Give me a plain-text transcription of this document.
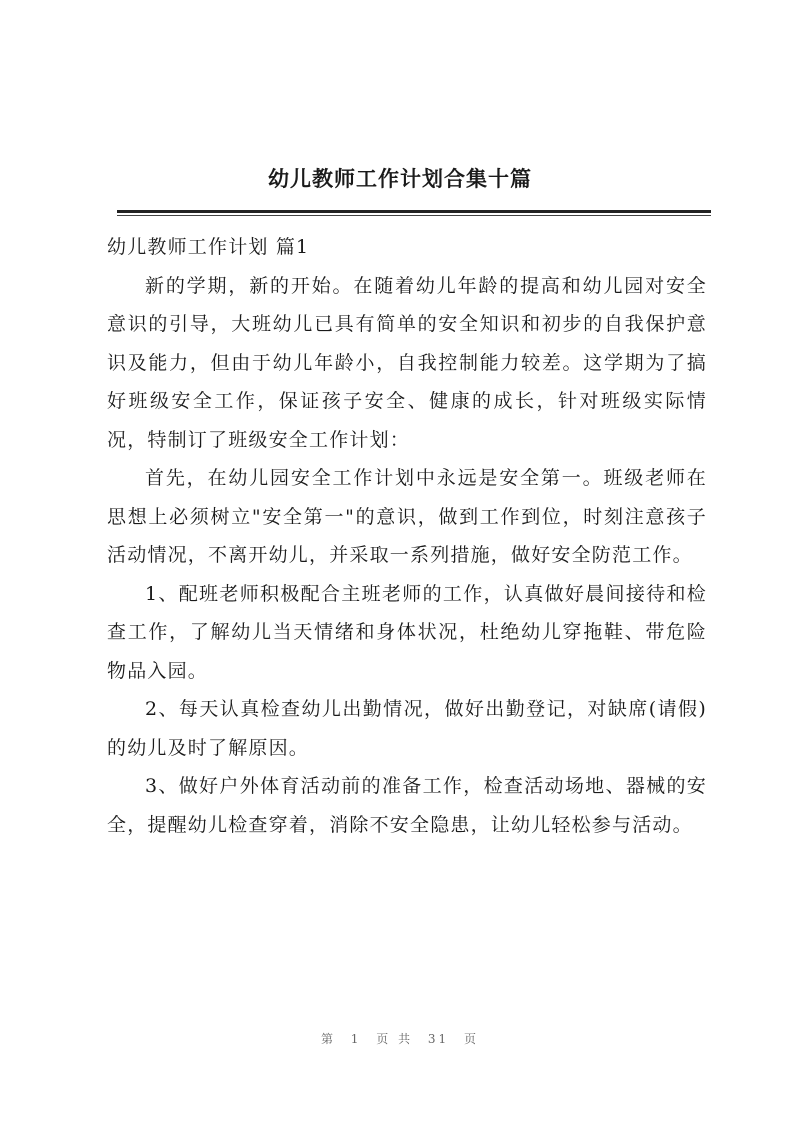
幼儿教师工作计划合集十篇

幼儿教师工作计划 篇1

新的学期，新的开始。在随着幼儿年龄的提高和幼儿园对安全意识的引导，大班幼儿已具有简单的安全知识和初步的自我保护意识及能力，但由于幼儿年龄小，自我控制能力较差。这学期为了搞好班级安全工作，保证孩子安全、健康的成长，针对班级实际情况，特制订了班级安全工作计划：

首先，在幼儿园安全工作计划中永远是安全第一。班级老师在思想上必须树立"安全第一"的意识，做到工作到位，时刻注意孩子活动情况，不离开幼儿，并采取一系列措施，做好安全防范工作。

1、配班老师积极配合主班老师的工作，认真做好晨间接待和检查工作，了解幼儿当天情绪和身体状况，杜绝幼儿穿拖鞋、带危险物品入园。

2、每天认真检查幼儿出勤情况，做好出勤登记，对缺席(请假)的幼儿及时了解原因。

3、做好户外体育活动前的准备工作，检查活动场地、器械的安全，提醒幼儿检查穿着，消除不安全隐患，让幼儿轻松参与活动。

第 1 页 共 31 页
